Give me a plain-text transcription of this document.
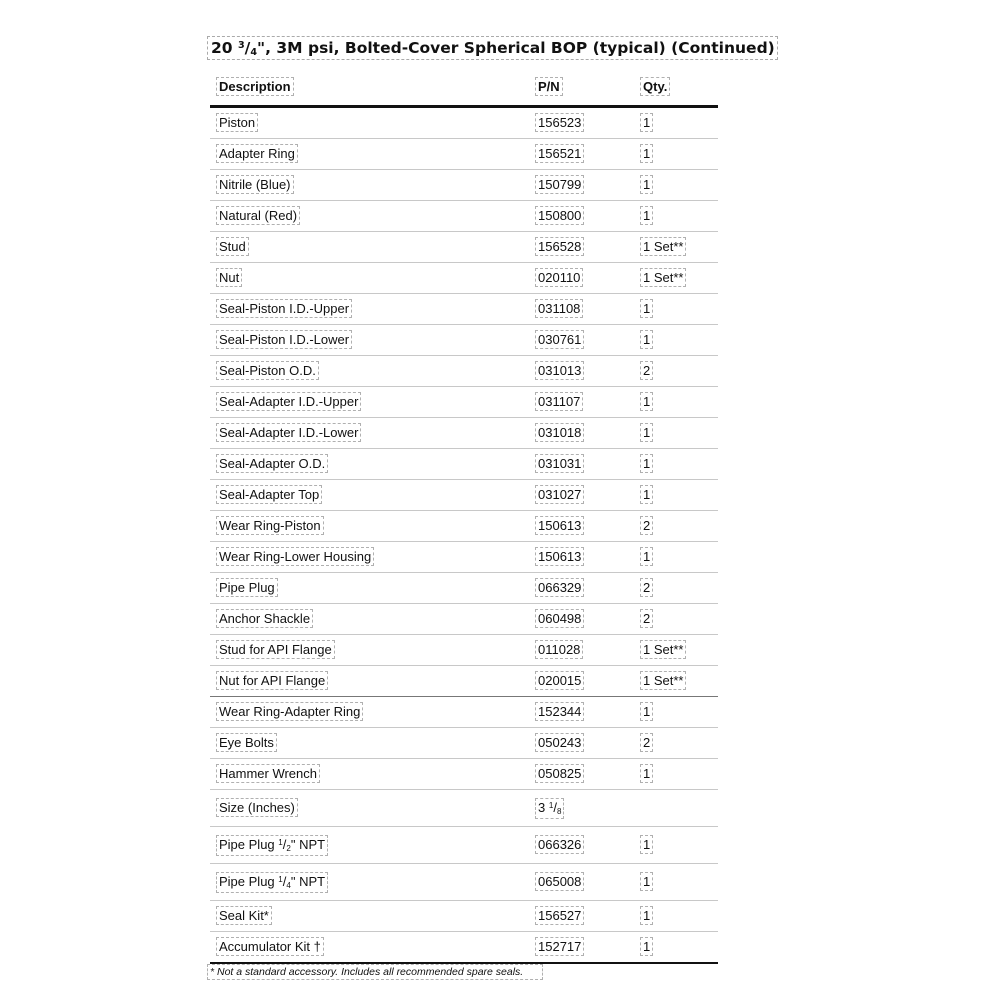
20 $^3/_4$", 3M psi, Bolted-Cover Spherical BOP (typical) (Continued)
Description	P/N	Qty.
Piston	156523	1
Adapter Ring	156521	1
Nitrile (Blue)	150799	1
Natural (Red)	150800	1
Stud	156528	1 Set**
Nut	020110	1 Set**
Seal-Piston I.D.-Upper	031108	1
Seal-Piston I.D.-Lower	030761	1
Seal-Piston O.D.	031013	2
Seal-Adapter I.D.-Upper	031107	1
Seal-Adapter I.D.-Lower	031018	1
Seal-Adapter O.D.	031031	1
Seal-Adapter Top	031027	1
Wear Ring-Piston	150613	2
Wear Ring-Lower Housing	150613	1
Pipe Plug	066329	2
Anchor Shackle	060498	2
Stud for API Flange	011028	1 Set**
Nut for API Flange	020015	1 Set**
Wear Ring-Adapter Ring	152344	1
Eye Bolts	050243	2
Hammer Wrench	050825	1
Size (Inches)	3 $^1/_8$
Pipe Plug $^1/_2$" NPT	066326	1
Pipe Plug $^1/_4$" NPT	065008	1
Seal Kit*	156527	1
Accumulator Kit †	152717	1
* Not a standard accessory. Includes all recommended spare seals.
